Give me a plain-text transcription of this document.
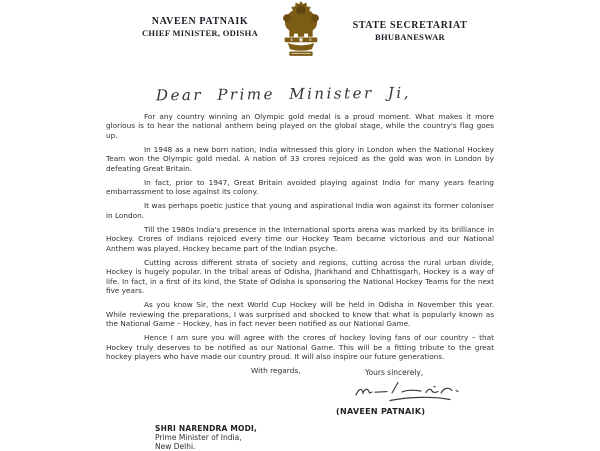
NAVEEN PATNAIK
CHIEF MINISTER, ODISHA
STATE SECRETARIAT
BHUBANESWAR
Dear Prime Minister Ji,

For any country winning an Olympic gold medal is a proud moment. What makes it more glorious is to hear the national anthem being played on the global stage, while the country's flag goes up.

In 1948 as a new born nation, India witnessed this glory in London when the National Hockey Team won the Olympic gold medal. A nation of 33 crores rejoiced as the gold was won in London by defeating Great Britain.

In fact, prior to 1947, Great Britain avoided playing against India for many years fearing embarrassment to lose against its colony.

It was perhaps poetic justice that young and aspirational India won against its former coloniser in London.

Till the 1980s India's presence in the International sports arena was marked by its brilliance in Hockey. Crores of Indians rejoiced every time our Hockey Team became victorious and our National Anthem was played. Hockey became part of the Indian psyche.

Cutting across different strata of society and regions, cutting across the rural urban divide, Hockey is hugely popular. In the tribal areas of Odisha, Jharkhand and Chhattisgarh, Hockey is a way of life. In fact, in a first of its kind, the State of Odisha is sponsoring the National Hockey Teams for the next five years.

As you know Sir, the next World Cup Hockey will be held in Odisha in November this year. While reviewing the preparations, I was surprised and shocked to know that what is popularly known as the National Game – Hockey, has in fact never been notified as our National Game.

Hence I am sure you will agree with the crores of hockey loving fans of our country – that Hockey truly deserves to be notified as our National Game. This will be a fitting tribute to the great hockey players who have made our country proud. It will also inspire our future generations.

With regards,	Yours sincerely,
(NAVEEN PATNAIK)
SHRI NARENDRA MODI,
Prime Minister of India,
New Delhi.
